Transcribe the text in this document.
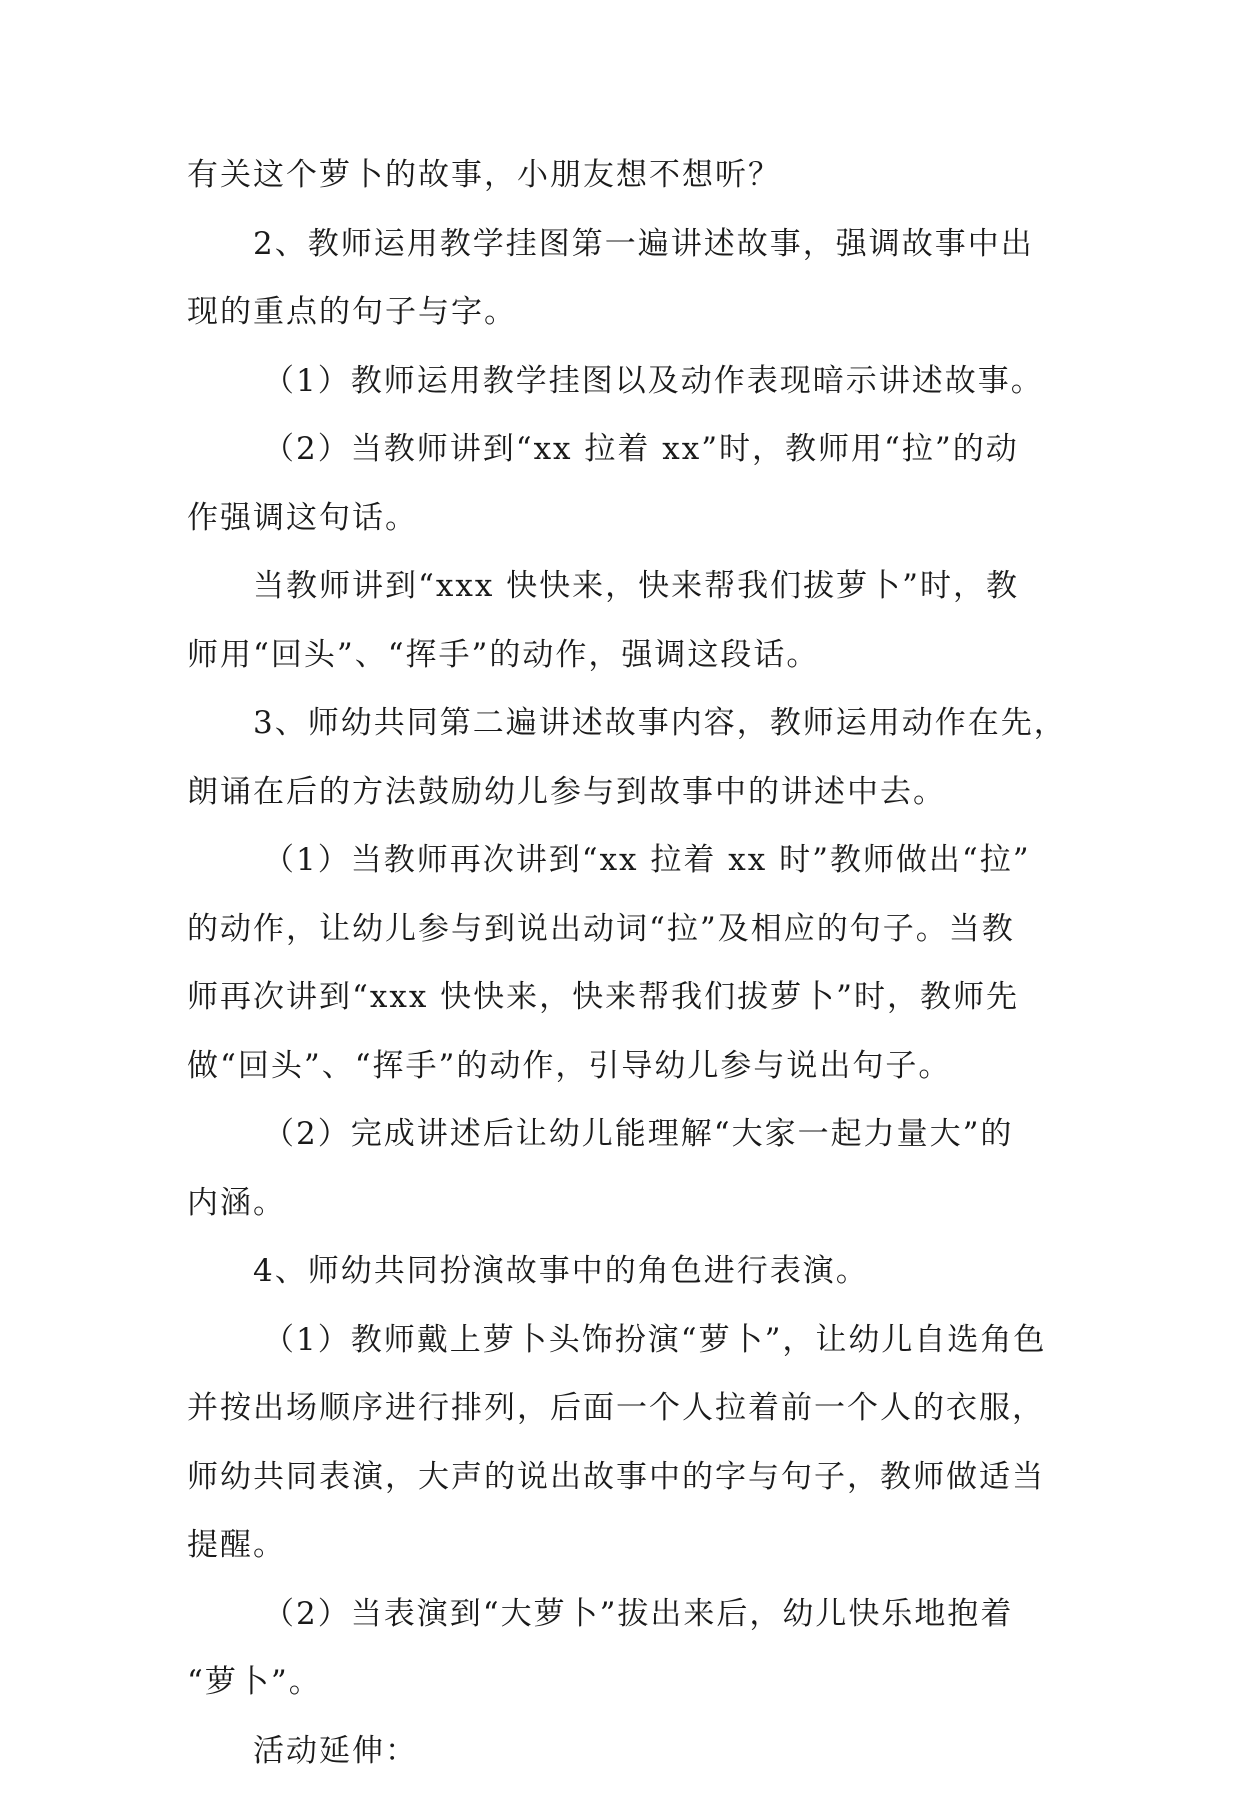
有关这个萝卜的故事，小朋友想不想听？
2、教师运用教学挂图第一遍讲述故事，强调故事中出
现的重点的句子与字。
（1）教师运用教学挂图以及动作表现暗示讲述故事。
（2）当教师讲到“xx 拉着 xx”时，教师用“拉”的动
作强调这句话。
当教师讲到“xxx 快快来，快来帮我们拔萝卜”时，教
师用“回头”、“挥手”的动作，强调这段话。
3、师幼共同第二遍讲述故事内容，教师运用动作在先，
朗诵在后的方法鼓励幼儿参与到故事中的讲述中去。
（1）当教师再次讲到“xx 拉着 xx 时”教师做出“拉”
的动作，让幼儿参与到说出动词“拉”及相应的句子。当教
师再次讲到“xxx 快快来，快来帮我们拔萝卜”时，教师先
做“回头”、“挥手”的动作，引导幼儿参与说出句子。
（2）完成讲述后让幼儿能理解“大家一起力量大”的
内涵。
4、师幼共同扮演故事中的角色进行表演。
（1）教师戴上萝卜头饰扮演“萝卜”，让幼儿自选角色
并按出场顺序进行排列，后面一个人拉着前一个人的衣服，
师幼共同表演，大声的说出故事中的字与句子，教师做适当
提醒。
（2）当表演到“大萝卜”拔出来后，幼儿快乐地抱着
“萝卜”。
活动延伸：
